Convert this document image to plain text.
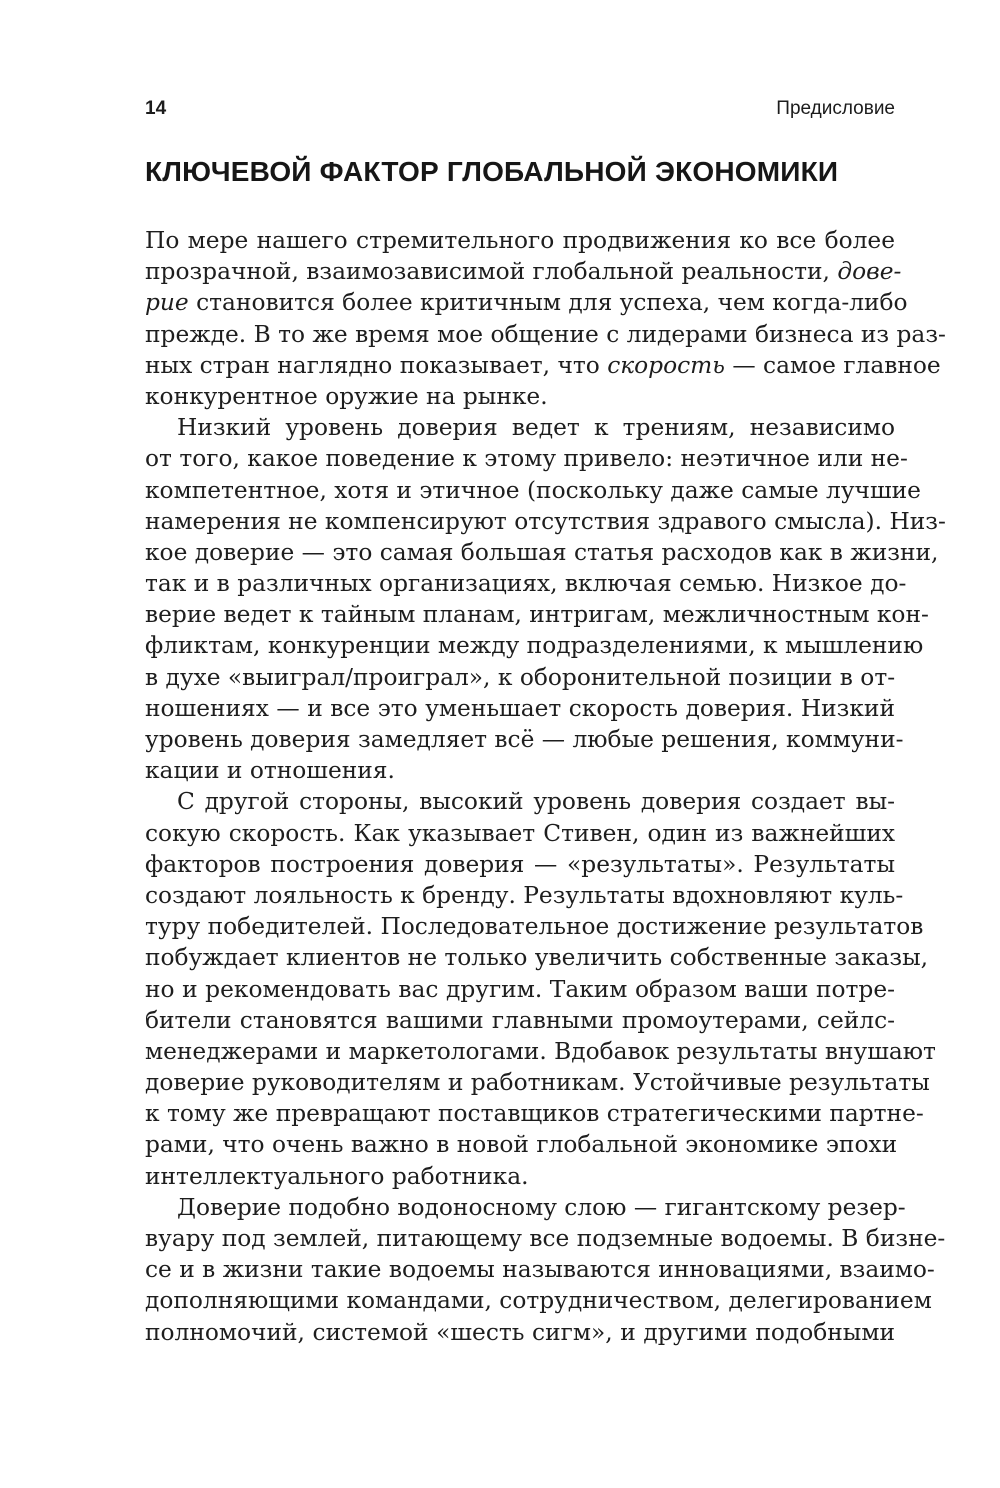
14	Предисловие
КЛЮЧЕВОЙ ФАКТОР ГЛОБАЛЬНОЙ ЭКОНОМИКИ
По мере нашего стремительного продвижения ко все более
прозрачной, взаимозависимой глобальной реальности, дове-
рие становится более критичным для успеха, чем когда-либо
прежде. В то же время мое общение с лидерами бизнеса из раз-
ных стран наглядно показывает, что скорость — самое главное
конкурентное оружие на рынке.
Низкий уровень доверия ведет к трениям, независимо
от того, какое поведение к этому привело: неэтичное или не-
компетентное, хотя и этичное (поскольку даже самые лучшие
намерения не компенсируют отсутствия здравого смысла). Низ-
кое доверие — это самая большая статья расходов как в жизни,
так и в различных организациях, включая семью. Низкое до-
верие ведет к тайным планам, интригам, межличностным кон-
фликтам, конкуренции между подразделениями, к мышлению
в духе «выиграл/проиграл», к оборонительной позиции в от-
ношениях — и все это уменьшает скорость доверия. Низкий
уровень доверия замедляет всё — любые решения, коммуни-
кации и отношения.
С другой стороны, высокий уровень доверия создает вы-
сокую скорость. Как указывает Стивен, один из важнейших
факторов построения доверия — «результаты». Результаты
создают лояльность к бренду. Результаты вдохновляют куль-
туру победителей. Последовательное достижение результатов
побуждает клиентов не только увеличить собственные заказы,
но и рекомендовать вас другим. Таким образом ваши потре-
бители становятся вашими главными промоутерами, сейлс-
менеджерами и маркетологами. Вдобавок результаты внушают
доверие руководителям и работникам. Устойчивые результаты
к тому же превращают поставщиков стратегическими партне-
рами, что очень важно в новой глобальной экономике эпохи
интеллектуального работника.
Доверие подобно водоносному слою — гигантскому резер-
вуару под землей, питающему все подземные водоемы. В бизне-
се и в жизни такие водоемы называются инновациями, взаимо-
дополняющими командами, сотрудничеством, делегированием
полномочий, системой «шесть сигм», и другими подобными
